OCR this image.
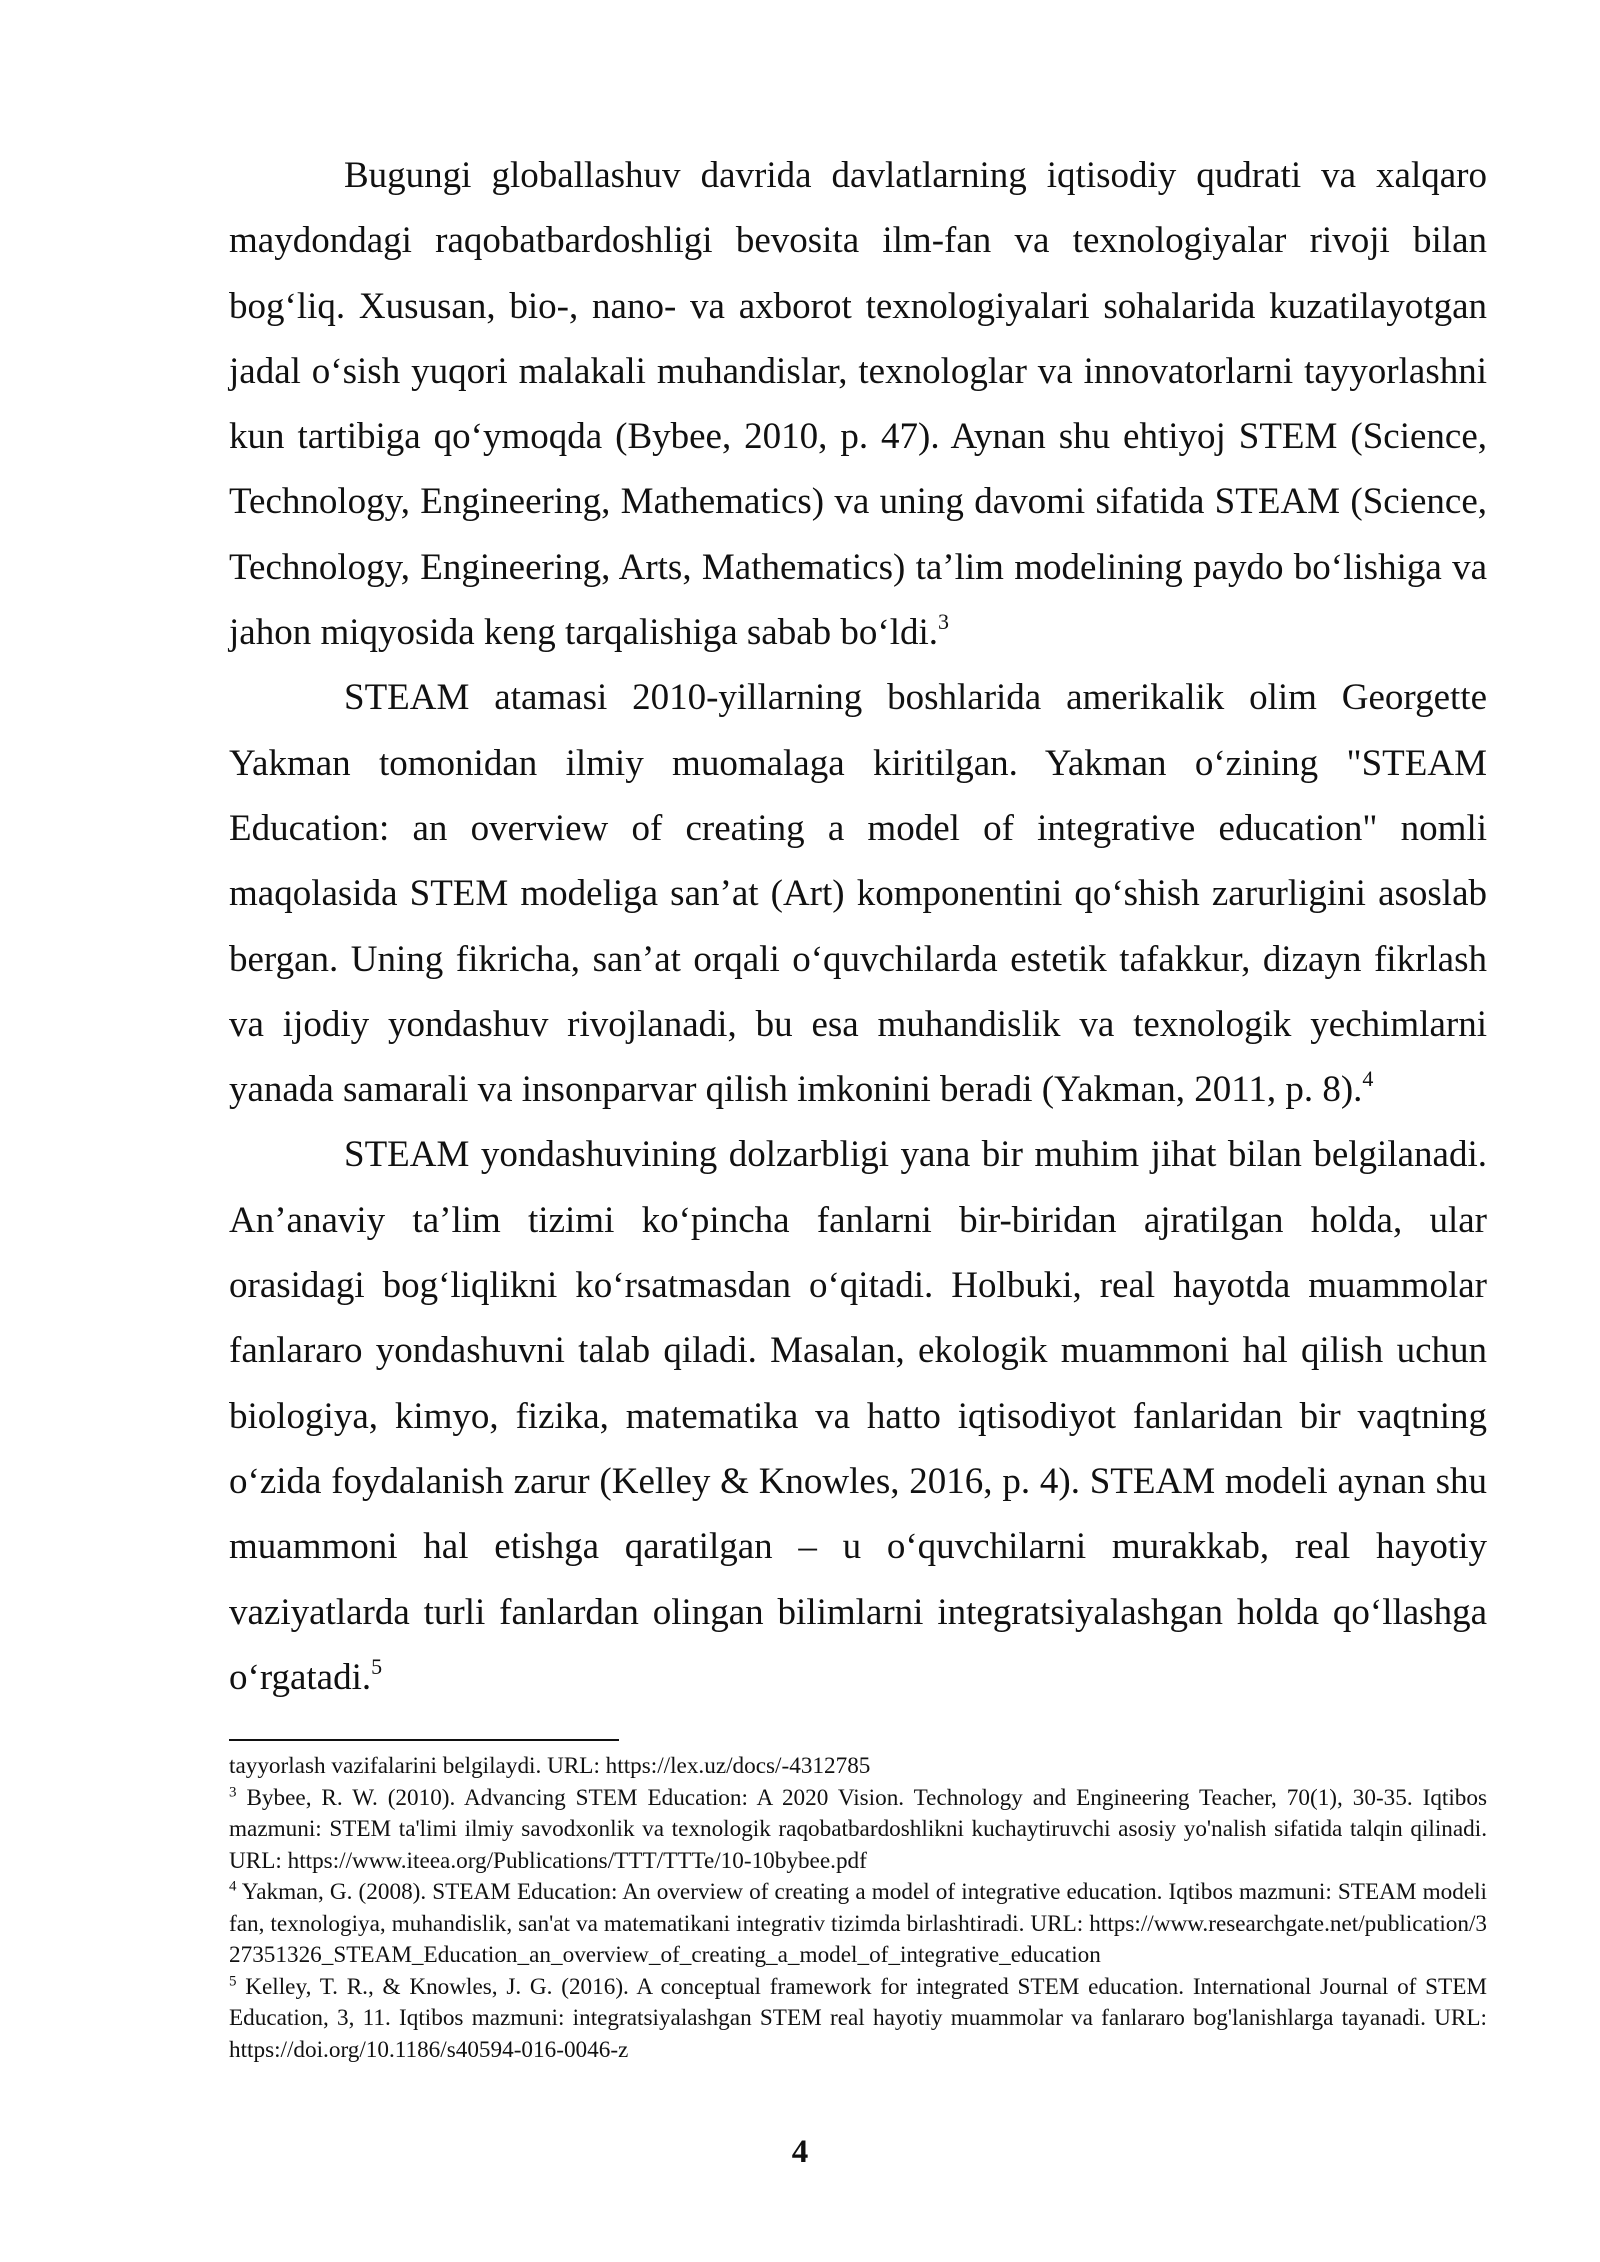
Bugungi globallashuv davrida davlatlarning iqtisodiy qudrati va xalqaro maydondagi raqobatbardoshligi bevosita ilm-fan va texnologiyalar rivoji bilan bog‘liq. Xususan, bio-, nano- va axborot texnologiyalari sohalarida kuzatilayotgan jadal o‘sish yuqori malakali muhandislar, texnologlar va innovatorlarni tayyorlashni kun tartibiga qo‘ymoqda (Bybee, 2010, p. 47). Aynan shu ehtiyoj STEM (Science, Technology, Engineering, Mathematics) va uning davomi sifatida STEAM (Science, Technology, Engineering, Arts, Mathematics) ta’lim modelining paydo bo‘lishiga va jahon miqyosida keng tarqalishiga sabab bo‘ldi.$^3$

STEAM atamasi 2010-yillarning boshlarida amerikalik olim Georgette Yakman tomonidan ilmiy muomalaga kiritilgan. Yakman o‘zining "STEAM Education: an overview of creating a model of integrative education" nomli maqolasida STEM modeliga san’at (Art) komponentini qo‘shish zarurligini asoslab bergan. Uning fikricha, san’at orqali o‘quvchilarda estetik tafakkur, dizayn fikrlash va ijodiy yondashuv rivojlanadi, bu esa muhandislik va texnologik yechimlarni yanada samarali va insonparvar qilish imkonini beradi (Yakman, 2011, p. 8).$^4$

STEAM yondashuvining dolzarbligi yana bir muhim jihat bilan belgilanadi. An’anaviy ta’lim tizimi ko‘pincha fanlarni bir-biridan ajratilgan holda, ular orasidagi bog‘liqlikni ko‘rsatmasdan o‘qitadi. Holbuki, real hayotda muammolar fanlararo yondashuvni talab qiladi. Masalan, ekologik muammoni hal qilish uchun biologiya, kimyo, fizika, matematika va hatto iqtisodiyot fanlaridan bir vaqtning o‘zida foydalanish zarur (Kelley & Knowles, 2016, p. 4). STEAM modeli aynan shu muammoni hal etishga qaratilgan – u o‘quvchilarni murakkab, real hayotiy vaziyatlarda turli fanlardan olingan bilimlarni integratsiyalashgan holda qo‘llashga o‘rgatadi.$^5$

tayyorlash vazifalarini belgilaydi. URL: https://lex.uz/docs/-4312785

$^3$ Bybee, R. W. (2010). Advancing STEM Education: A 2020 Vision. Technology and Engineering Teacher, 70(1), 30-35. Iqtibos mazmuni: STEM ta'limi ilmiy savodxonlik va texnologik raqobatbardoshlikni kuchaytiruvchi asosiy yo'nalish sifatida talqin qilinadi. URL: https://www.iteea.org/Publications/TTT/TTTe/10-10bybee.pdf

$^4$ Yakman, G. (2008). STEAM Education: An overview of creating a model of integrative education. Iqtibos mazmuni: STEAM modeli fan, texnologiya, muhandislik, san'at va matematikani integrativ tizimda birlashtiradi. URL: https://www.researchgate.net/publication/327351326_STEAM_Education_an_overview_of_creating_a_model_of_integrative_education

$^5$ Kelley, T. R., & Knowles, J. G. (2016). A conceptual framework for integrated STEM education. International Journal of STEM Education, 3, 11. Iqtibos mazmuni: integratsiyalashgan STEM real hayotiy muammolar va fanlararo bog'lanishlarga tayanadi. URL: https://doi.org/10.1186/s40594-016-0046-z

4
